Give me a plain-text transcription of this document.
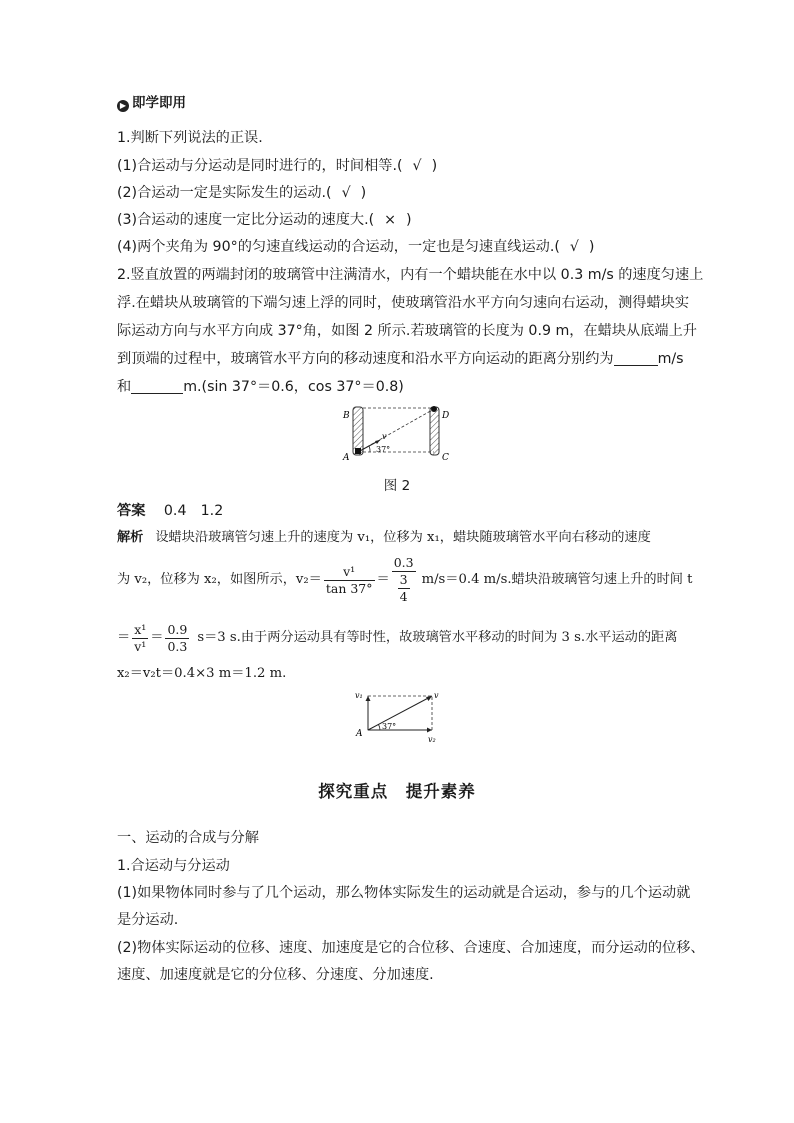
▶ 即学即用
1.判断下列说法的正误.
(1)合运动与分运动是同时进行的，时间相等.( √ )
(2)合运动一定是实际发生的运动.( √ )
(3)合运动的速度一定比分运动的速度大.( × )
(4)两个夹角为 90°的匀速直线运动的合运动，一定也是匀速直线运动.( √ )
2.竖直放置的两端封闭的玻璃管中注满清水，内有一个蜡块能在水中以 0.3 m/s 的速度匀速上
浮.在蜡块从玻璃管的下端匀速上浮的同时，使玻璃管沿水平方向匀速向右运动，测得蜡块实
际运动方向与水平方向成 37°角，如图 2 所示.若玻璃管的长度为 0.9 m，在蜡块从底端上升
到顶端的过程中，玻璃管水平方向的移动速度和沿水平方向运动的距离分别约为	m/s
和	m.(sin 37°＝0.6，cos 37°＝0.8)
B	D
A	C
v
37°
图 2
答案 0.4　1.2
解析 设蜡块沿玻璃管匀速上升的速度为 v₁，位移为 x₁，蜡块随玻璃管水平向右移动的速度
为 v₂，位移为 x₂，如图所示，$v_2= \frac{\text{v¹}}{\tan 37^\circ} = \frac{0.3}{\frac{3}{4}} m/s=0.4$ m/s.蜡块沿玻璃管匀速上升的时间 t
＝ $\frac{\text{x¹}}{\text{v¹}} = \frac{0.9}{0.3} s=3$ s.由于两分运动具有等时性，故玻璃管水平移动的时间为 3 s.水平运动的距离
x₂＝v₂t＝0.4×3 m＝1.2 m.
v₁	v
A
37°
v₂
探究重点　提升素养
一、运动的合成与分解
1.合运动与分运动
(1)如果物体同时参与了几个运动，那么物体实际发生的运动就是合运动，参与的几个运动就
是分运动.
(2)物体实际运动的位移、速度、加速度是它的合位移、合速度、合加速度，而分运动的位移、
速度、加速度就是它的分位移、分速度、分加速度.
